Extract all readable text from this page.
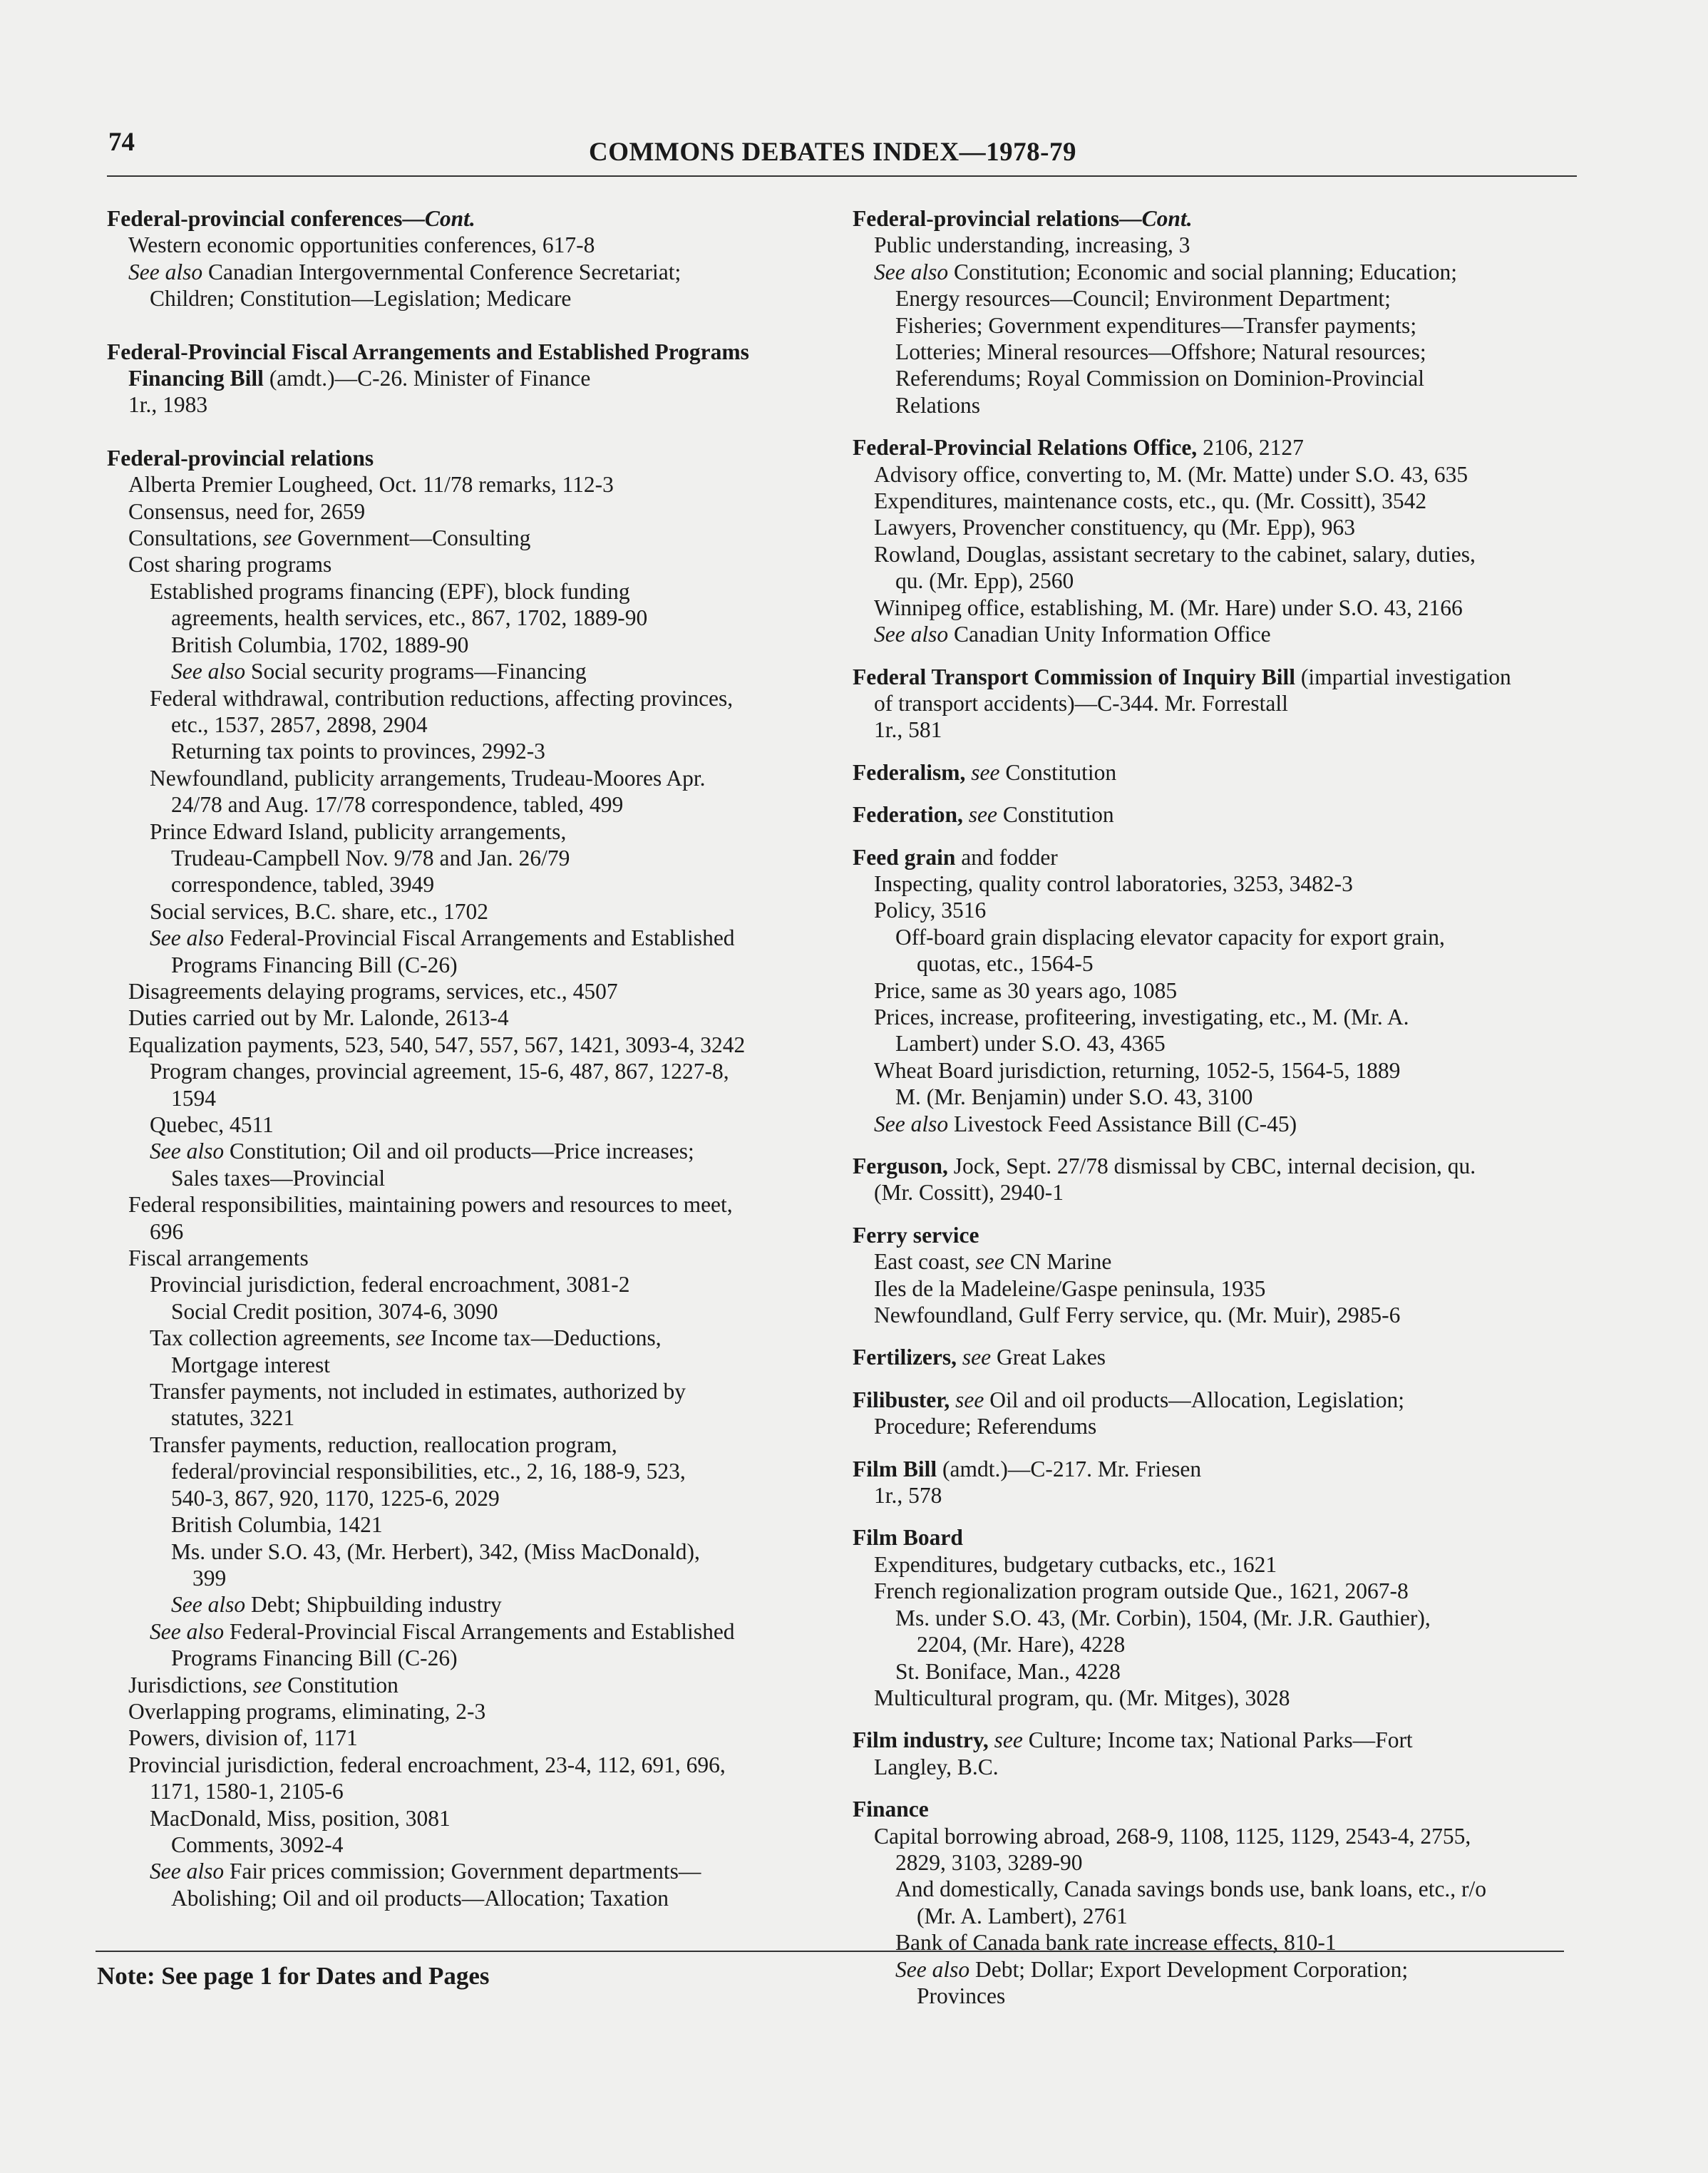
74	COMMONS DEBATES INDEX—1978-79
Federal-provincial conferences—Cont.
Western economic opportunities conferences, 617-8
See also Canadian Intergovernmental Conference Secretariat;
Children; Constitution—Legislation; Medicare
Federal-Provincial Fiscal Arrangements and Established Programs
Financing Bill (amdt.)—C-26. Minister of Finance
1r., 1983
Federal-provincial relations
Alberta Premier Lougheed, Oct. 11/78 remarks, 112-3
Consensus, need for, 2659
Consultations, see Government—Consulting
Cost sharing programs
Established programs financing (EPF), block funding
agreements, health services, etc., 867, 1702, 1889-90
British Columbia, 1702, 1889-90
See also Social security programs—Financing
Federal withdrawal, contribution reductions, affecting provinces,
etc., 1537, 2857, 2898, 2904
Returning tax points to provinces, 2992-3
Newfoundland, publicity arrangements, Trudeau-Moores Apr.
24/78 and Aug. 17/78 correspondence, tabled, 499
Prince Edward Island, publicity arrangements,
Trudeau-Campbell Nov. 9/78 and Jan. 26/79
correspondence, tabled, 3949
Social services, B.C. share, etc., 1702
See also Federal-Provincial Fiscal Arrangements and Established
Programs Financing Bill (C-26)
Disagreements delaying programs, services, etc., 4507
Duties carried out by Mr. Lalonde, 2613-4
Equalization payments, 523, 540, 547, 557, 567, 1421, 3093-4, 3242
Program changes, provincial agreement, 15-6, 487, 867, 1227-8,
1594
Quebec, 4511
See also Constitution; Oil and oil products—Price increases;
Sales taxes—Provincial
Federal responsibilities, maintaining powers and resources to meet,
696
Fiscal arrangements
Provincial jurisdiction, federal encroachment, 3081-2
Social Credit position, 3074-6, 3090
Tax collection agreements, see Income tax—Deductions,
Mortgage interest
Transfer payments, not included in estimates, authorized by
statutes, 3221
Transfer payments, reduction, reallocation program,
federal/provincial responsibilities, etc., 2, 16, 188-9, 523,
540-3, 867, 920, 1170, 1225-6, 2029
British Columbia, 1421
Ms. under S.O. 43, (Mr. Herbert), 342, (Miss MacDonald),
399
See also Debt; Shipbuilding industry
See also Federal-Provincial Fiscal Arrangements and Established
Programs Financing Bill (C-26)
Jurisdictions, see Constitution
Overlapping programs, eliminating, 2-3
Powers, division of, 1171
Provincial jurisdiction, federal encroachment, 23-4, 112, 691, 696,
1171, 1580-1, 2105-6
MacDonald, Miss, position, 3081
Comments, 3092-4
See also Fair prices commission; Government departments—
Abolishing; Oil and oil products—Allocation; Taxation
Federal-provincial relations—Cont.
Public understanding, increasing, 3
See also Constitution; Economic and social planning; Education;
Energy resources—Council; Environment Department;
Fisheries; Government expenditures—Transfer payments;
Lotteries; Mineral resources—Offshore; Natural resources;
Referendums; Royal Commission on Dominion-Provincial
Relations
Federal-Provincial Relations Office, 2106, 2127
Advisory office, converting to, M. (Mr. Matte) under S.O. 43, 635
Expenditures, maintenance costs, etc., qu. (Mr. Cossitt), 3542
Lawyers, Provencher constituency, qu (Mr. Epp), 963
Rowland, Douglas, assistant secretary to the cabinet, salary, duties,
qu. (Mr. Epp), 2560
Winnipeg office, establishing, M. (Mr. Hare) under S.O. 43, 2166
See also Canadian Unity Information Office
Federal Transport Commission of Inquiry Bill (impartial investigation
of transport accidents)—C-344. Mr. Forrestall
1r., 581
Federalism, see Constitution
Federation, see Constitution
Feed grain and fodder
Inspecting, quality control laboratories, 3253, 3482-3
Policy, 3516
Off-board grain displacing elevator capacity for export grain,
quotas, etc., 1564-5
Price, same as 30 years ago, 1085
Prices, increase, profiteering, investigating, etc., M. (Mr. A.
Lambert) under S.O. 43, 4365
Wheat Board jurisdiction, returning, 1052-5, 1564-5, 1889
M. (Mr. Benjamin) under S.O. 43, 3100
See also Livestock Feed Assistance Bill (C-45)
Ferguson, Jock, Sept. 27/78 dismissal by CBC, internal decision, qu.
(Mr. Cossitt), 2940-1
Ferry service
East coast, see CN Marine
Iles de la Madeleine/Gaspe peninsula, 1935
Newfoundland, Gulf Ferry service, qu. (Mr. Muir), 2985-6
Fertilizers, see Great Lakes
Filibuster, see Oil and oil products—Allocation, Legislation;
Procedure; Referendums
Film Bill (amdt.)—C-217. Mr. Friesen
1r., 578
Film Board
Expenditures, budgetary cutbacks, etc., 1621
French regionalization program outside Que., 1621, 2067-8
Ms. under S.O. 43, (Mr. Corbin), 1504, (Mr. J.R. Gauthier),
2204, (Mr. Hare), 4228
St. Boniface, Man., 4228
Multicultural program, qu. (Mr. Mitges), 3028
Film industry, see Culture; Income tax; National Parks—Fort
Langley, B.C.
Finance
Capital borrowing abroad, 268-9, 1108, 1125, 1129, 2543-4, 2755,
2829, 3103, 3289-90
And domestically, Canada savings bonds use, bank loans, etc., r/o
(Mr. A. Lambert), 2761
Bank of Canada bank rate increase effects, 810-1
See also Debt; Dollar; Export Development Corporation;
Provinces
Note: See page 1 for Dates and Pages
